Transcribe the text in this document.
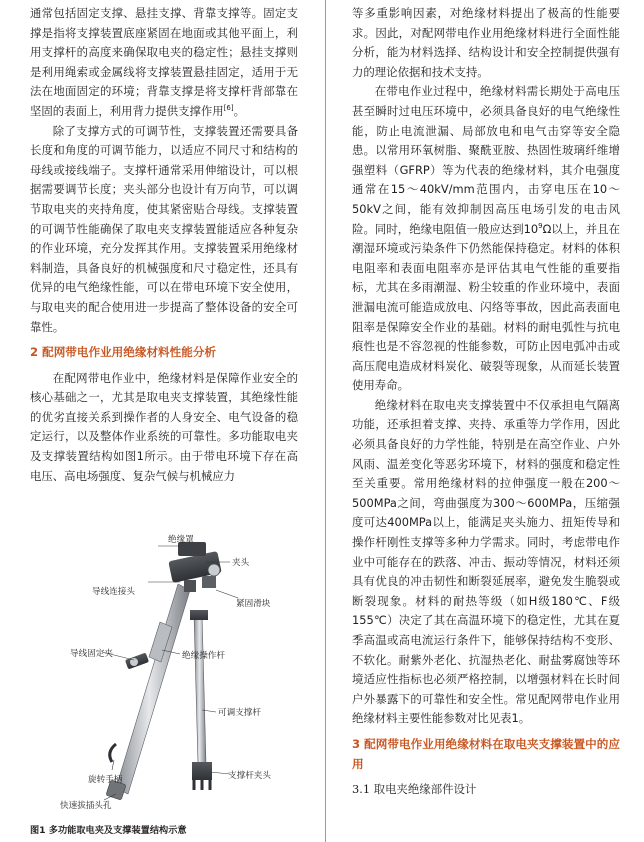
通常包括固定支撑、悬挂支撑、背靠支撑等。固定支撑是指将支撑装置底座紧固在地面或其他平面上，利用支撑杆的高度来确保取电夹的稳定性；悬挂支撑则是利用绳索或金属线将支撑装置悬挂固定，适用于无法在地面固定的环境；背靠支撑是将支撑杆背部靠在坚固的表面上，利用背力提供支撑作用[6]。

除了支撑方式的可调节性，支撑装置还需要具备长度和角度的可调节能力，以适应不同尺寸和结构的母线或接线端子。支撑杆通常采用伸缩设计，可以根据需要调节长度；夹头部分也设计有万向节，可以调节取电夹的夹持角度，使其紧密贴合母线。支撑装置的可调节性能确保了取电夹支撑装置能适应各种复杂的作业环境，充分发挥其作用。支撑装置采用绝缘材料制造，具备良好的机械强度和尺寸稳定性，还具有优异的电气绝缘性能，可以在带电环境下安全使用，与取电夹的配合使用进一步提高了整体设备的安全可靠性。

2 配网带电作业用绝缘材料性能分析

在配网带电作业中，绝缘材料是保障作业安全的核心基础之一，尤其是取电夹支撑装置，其绝缘性能的优劣直接关系到操作者的人身安全、电气设备的稳定运行，以及整体作业系统的可靠性。多功能取电夹及支撑装置结构如图1所示。由于带电环境下存在高电压、高电场强度、复杂气候与机械应力

绝缘罩
夹头
导线连接头
紧固滑块
导线固定夹	绝缘操作杆
可调支撑杆
旋转手柄
快速拔插头孔
支撑杆夹头
图1 多功能取电夹及支撑装置结构示意

等多重影响因素，对绝缘材料提出了极高的性能要求。因此，对配网带电作业用绝缘材料进行全面性能分析，能为材料选择、结构设计和安全控制提供强有力的理论依据和技术支持。

在带电作业过程中，绝缘材料需长期处于高电压甚至瞬时过电压环境中，必须具备良好的电气绝缘性能，防止电流泄漏、局部放电和电气击穿等安全隐患。以常用环氧树脂、聚酰亚胺、热固性玻璃纤维增强塑料（GFRP）等为代表的绝缘材料，其介电强度通常在15～40kV/mm范围内，击穿电压在10～50kV之间，能有效抑制因高压电场引发的电击风险。同时，绝缘电阻值一般应达到$10^9\Omega$以上，并且在潮湿环境或污染条件下仍然能保持稳定。材料的体积电阻率和表面电阻率亦是评估其电气性能的重要指标，尤其在多雨潮湿、粉尘较重的作业环境中，表面泄漏电流可能造成放电、闪络等事故，因此高表面电阻率是保障安全作业的基础。材料的耐电弧性与抗电痕性也是不容忽视的性能参数，可防止因电弧冲击或高压爬电造成材料炭化、破裂等现象，从而延长装置使用寿命。

绝缘材料在取电夹支撑装置中不仅承担电气隔离功能，还承担着支撑、夹持、承重等力学作用，因此必须具备良好的力学性能，特别是在高空作业、户外风雨、温差变化等恶劣环境下，材料的强度和稳定性至关重要。常用绝缘材料的拉伸强度一般在200～500MPa之间，弯曲强度为300～600MPa，压缩强度可达400MPa以上，能满足夹头施力、扭矩传导和操作杆刚性支撑等多种力学需求。同时，考虑带电作业中可能存在的跌落、冲击、振动等情况，材料还须具有优良的冲击韧性和断裂延展率，避免发生脆裂或断裂现象。材料的耐热等级（如H级180℃、F级155℃）决定了其在高温环境下的稳定性，尤其在夏季高温或高电流运行条件下，能够保持结构不变形、不软化。耐紫外老化、抗湿热老化、耐盐雾腐蚀等环境适应性指标也必须严格控制，以增强材料在长时间户外暴露下的可靠性和安全性。常见配网带电作业用绝缘材料主要性能参数对比见表1。

3 配网带电作业用绝缘材料在取电夹支撑装置中的应用
3.1 取电夹绝缘部件设计
